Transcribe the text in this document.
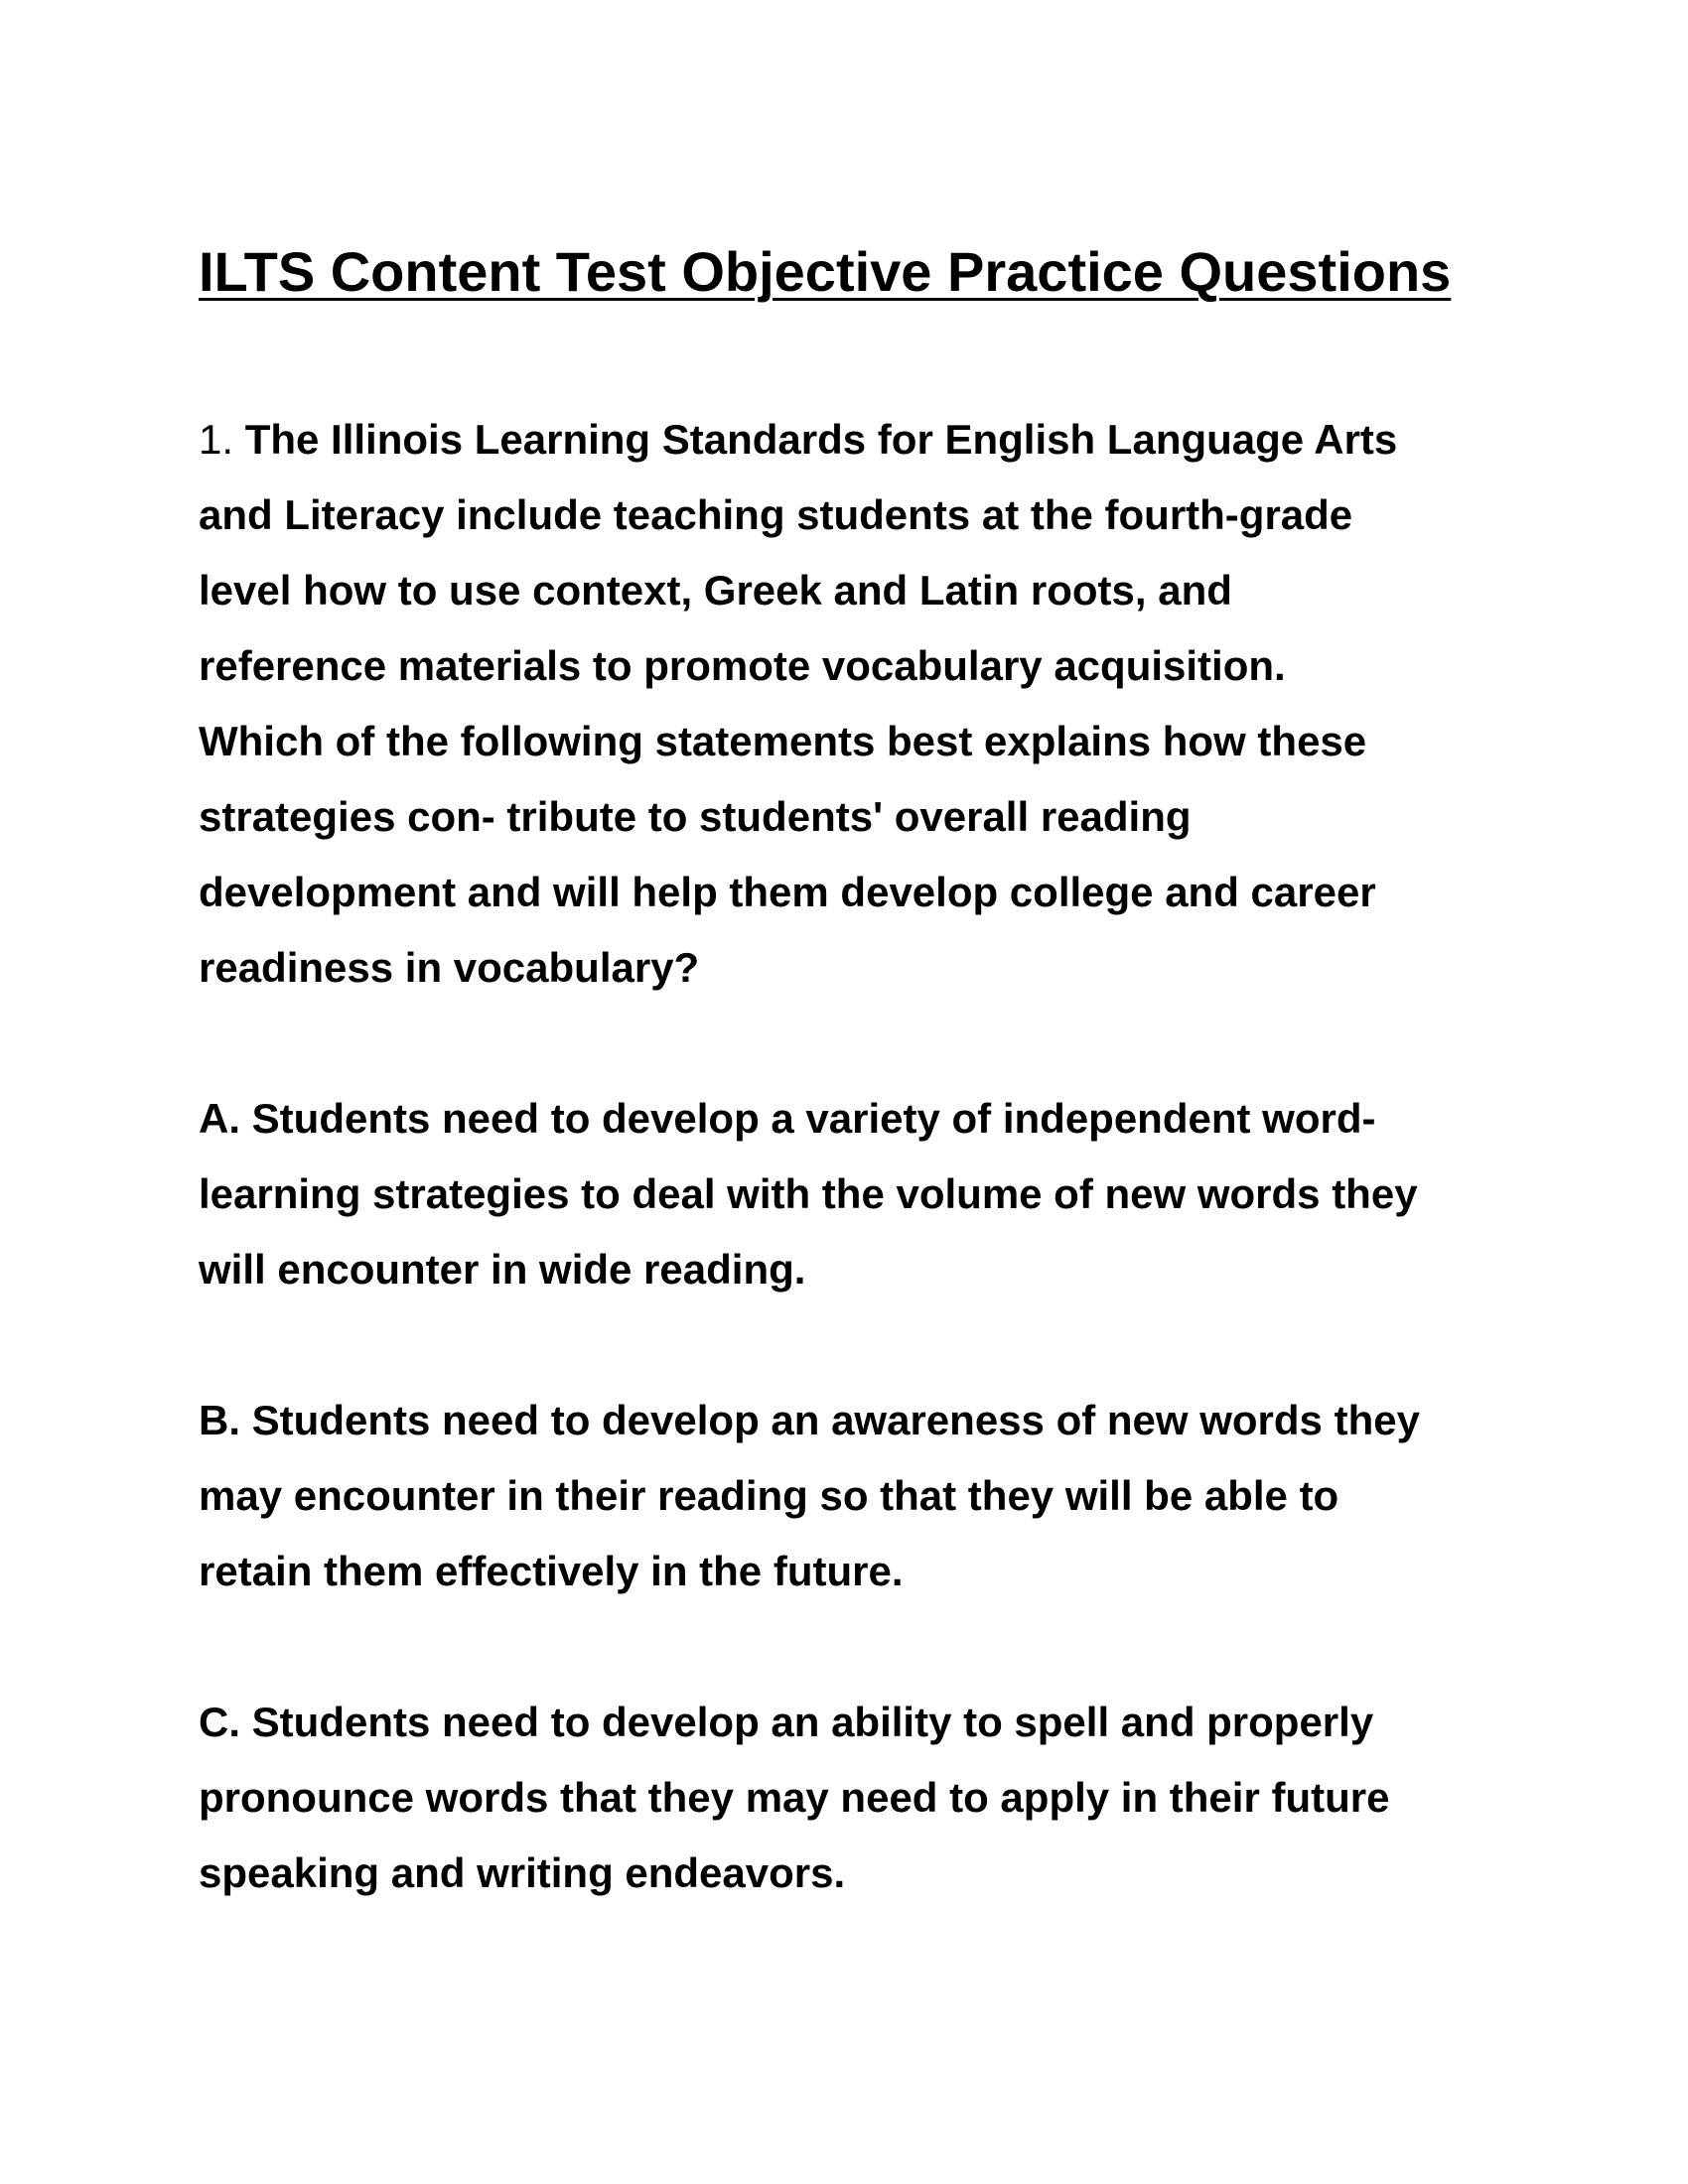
ILTS Content Test Objective Practice Questions
1. The Illinois Learning Standards for English Language Arts
and Literacy include teaching students at the fourth-grade
level how to use context, Greek and Latin roots, and
reference materials to promote vocabulary acquisition.
Which of the following statements best explains how these
strategies con- tribute to students' overall reading
development and will help them develop college and career
readiness in vocabulary?
A. Students need to develop a variety of independent word-
learning strategies to deal with the volume of new words they
will encounter in wide reading.
B. Students need to develop an awareness of new words they
may encounter in their reading so that they will be able to
retain them effectively in the future.
C. Students need to develop an ability to spell and properly
pronounce words that they may need to apply in their future
speaking and writing endeavors.
